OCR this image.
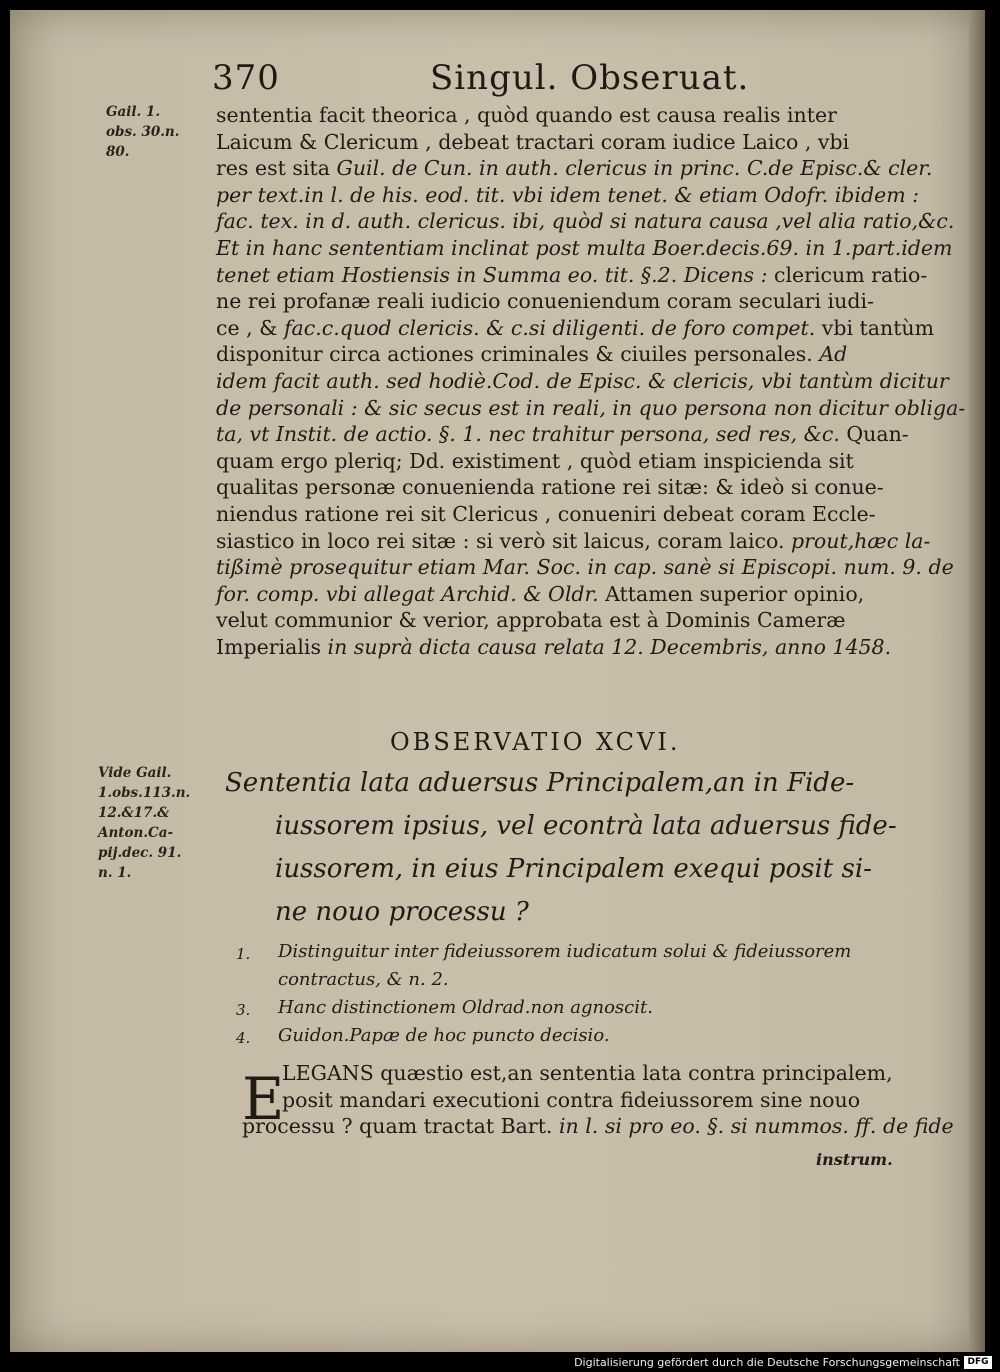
370	Singul. Obseruat.
Gail. 1.
obs. 30.n.
80.
Vide Gail.
1.obs.113.n.
12.&17.&
Anton.Ca-
pij.dec. 91.
n. 1.
sententia facit theorica , quòd quando est causa realis inter
Laicum & Clericum , debeat tractari coram iudice Laico , vbi
res est sita Guil. de Cun. in auth. clericus in princ. C.de Episc.& cler.
per text.in l. de his. eod. tit. vbi idem tenet. & etiam Odofr. ibidem :
fac. tex. in d. auth. clericus. ibi, quòd si natura causa ,vel alia ratio,&c.
Et in hanc sententiam inclinat post multa Boer.decis.69. in 1.part.idem
tenet etiam Hostiensis in Summa eo. tit. §.2. Dicens : clericum ratio-
ne rei profanæ reali iudicio conueniendum coram seculari iudi-
ce , & fac.c.quod clericis. & c.si diligenti. de foro compet. vbi tantùm
disponitur circa actiones criminales & ciuiles personales. Ad
idem facit auth. sed hodiè.Cod. de Episc. & clericis, vbi tantùm dicitur
de personali : & sic secus est in reali, in quo persona non dicitur obliga-
ta, vt Instit. de actio. §. 1. nec trahitur persona, sed res, &c. Quan-
quam ergo pleriq; Dd. existiment , quòd etiam inspicienda sit
qualitas personæ conuenienda ratione rei sitæ: & ideò si conue-
niendus ratione rei sit Clericus , conueniri debeat coram Eccle-
siastico in loco rei sitæ : si verò sit laicus, coram laico. prout,hæc la-
tißimè prosequitur etiam Mar. Soc. in cap. sanè si Episcopi. num. 9. de
for. comp. vbi allegat Archid. & Oldr. Attamen superior opinio,
velut communior & verior, approbata est à Dominis Cameræ
Imperialis in suprà dicta causa relata 12. Decembris, anno 1458.
OBSERVATIO XCVI.
Sententia lata aduersus Principalem,an in Fide-
iussorem ipsius, vel econtrà lata aduersus fide-
iussorem, in eius Principalem exequi posit si-
ne nouo processu ?
1. Distinguitur inter fideiussorem iudicatum solui & fideiussorem
contractus, & n. 2.
3. Hanc distinctionem Oldrad.non agnoscit.
4. Guidon.Papæ de hoc puncto decisio.
E
LEGANS quæstio est,an sententia lata contra principalem,
posit mandari executioni contra fideiussorem sine nouo
processu ? quam tractat Bart. in l. si pro eo. §. si nummos. ff. de fide
instrum.
Digitalisierung gefördert durch die Deutsche Forschungsgemeinschaft DFG
